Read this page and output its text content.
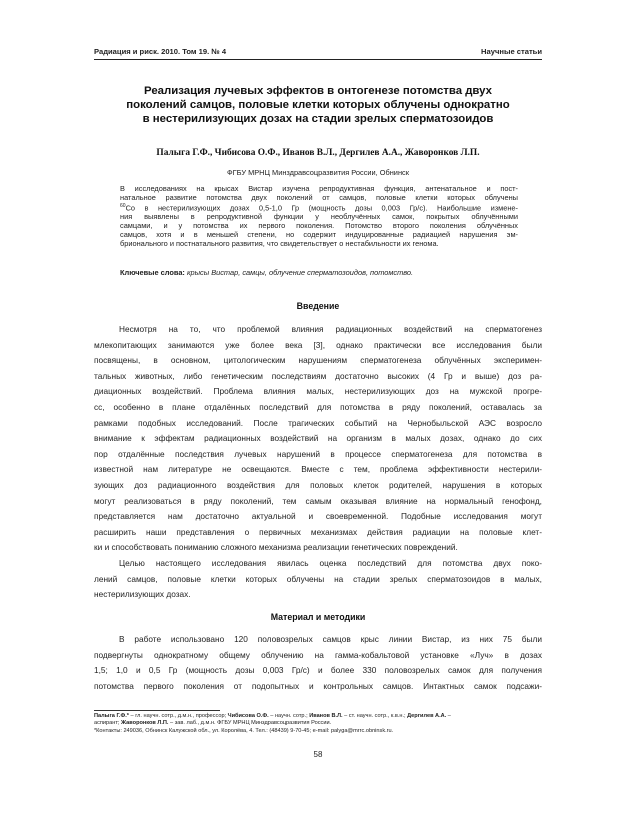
Радиация и риск. 2010. Том 19. № 4	Научные статьи
Реализация лучевых эффектов в онтогенезе потомства двух
поколений самцов, половые клетки которых облучены однократно
в нестерилизующих дозах на стадии зрелых сперматозоидов
Палыга Г.Ф., Чибисова О.Ф., Иванов В.Л., Дергилев А.А., Жаворонков Л.П.
ФГБУ МРНЦ Минздравсоцразвития России, Обнинск
В исследованиях на крысах Вистар изучена репродуктивная функция, антенатальное и пост-
натальное развитие потомства двух поколений от самцов, половые клетки которых облучены
$^{60}$Co в нестерилизующих дозах 0,5-1,0 Гр (мощность дозы 0,003 Гр/с). Наибольшие измене-
ния выявлены в репродуктивной функции у необлучённых самок, покрытых облучёнными
самцами, и у потомства их первого поколения. Потомство второго поколения облучённых
самцов, хотя и в меньшей степени, но содержит индуцированные радиацией нарушения эм-
брионального и постнатального развития, что свидетельствует о нестабильности их генома.
Ключевые слова: крысы Вистар, самцы, облучение сперматозоидов, потомство.
Введение
Несмотря на то, что проблемой влияния радиационных воздействий на сперматогенез
млекопитающих занимаются уже более века [3], однако практически все исследования были
посвящены, в основном, цитологическим нарушениям сперматогенеза облучённых эксперимен-
тальных животных, либо генетическим последствиям достаточно высоких (4 Гр и выше) доз ра-
диационных воздействий. Проблема влияния малых, нестерилизующих доз на мужской прогре-
сс, особенно в плане отдалённых последствий для потомства в ряду поколений, оставалась за
рамками подобных исследований. После трагических событий на Чернобыльской АЭС возросло
внимание к эффектам радиационных воздействий на организм в малых дозах, однако до сих
пор отдалённые последствия лучевых нарушений в процессе сперматогенеза для потомства в
известной нам литературе не освещаются. Вместе с тем, проблема эффективности нестерили-
зующих доз радиационного воздействия для половых клеток родителей, нарушения в которых
могут реализоваться в ряду поколений, тем самым оказывая влияние на нормальный генофонд,
представляется нам достаточно актуальной и своевременной. Подобные исследования могут
расширить наши представления о первичных механизмах действия радиации на половые клет-
ки и способствовать пониманию сложного механизма реализации генетических повреждений.
Целью настоящего исследования явилась оценка последствий для потомства двух поко-
лений самцов, половые клетки которых облучены на стадии зрелых сперматозоидов в малых,
нестерилизующих дозах.
Материал и методики
В работе использовано 120 половозрелых самцов крыс линии Вистар, из них 75 были
подвергнуты однократному общему облучению на гамма-кобальтовой установке «Луч» в дозах
1,5; 1,0 и 0,5 Гр (мощность дозы 0,003 Гр/с) и более 330 половозрелых самок для получения
потомства первого поколения от подопытных и контрольных самцов. Интактных самок подсажи-
Палыга Г.Ф.* – гл. научн. сотр., д.м.н., профессор; Чибисова О.Ф. – научн. сотр.; Иванов В.Л. – ст. научн. сотр., к.в.н.; Дергилев А.А. –
аспирант; Жаворонков Л.П. – зав. лаб., д.м.н. ФГБУ МРНЦ Минздравсоцразвития России.
*Контакты: 249036, Обнинск Калужской обл., ул. Королёва, 4. Тел.: (48439) 9-70-45; e-mail: palyga@mrrc.obninsk.ru.
58
